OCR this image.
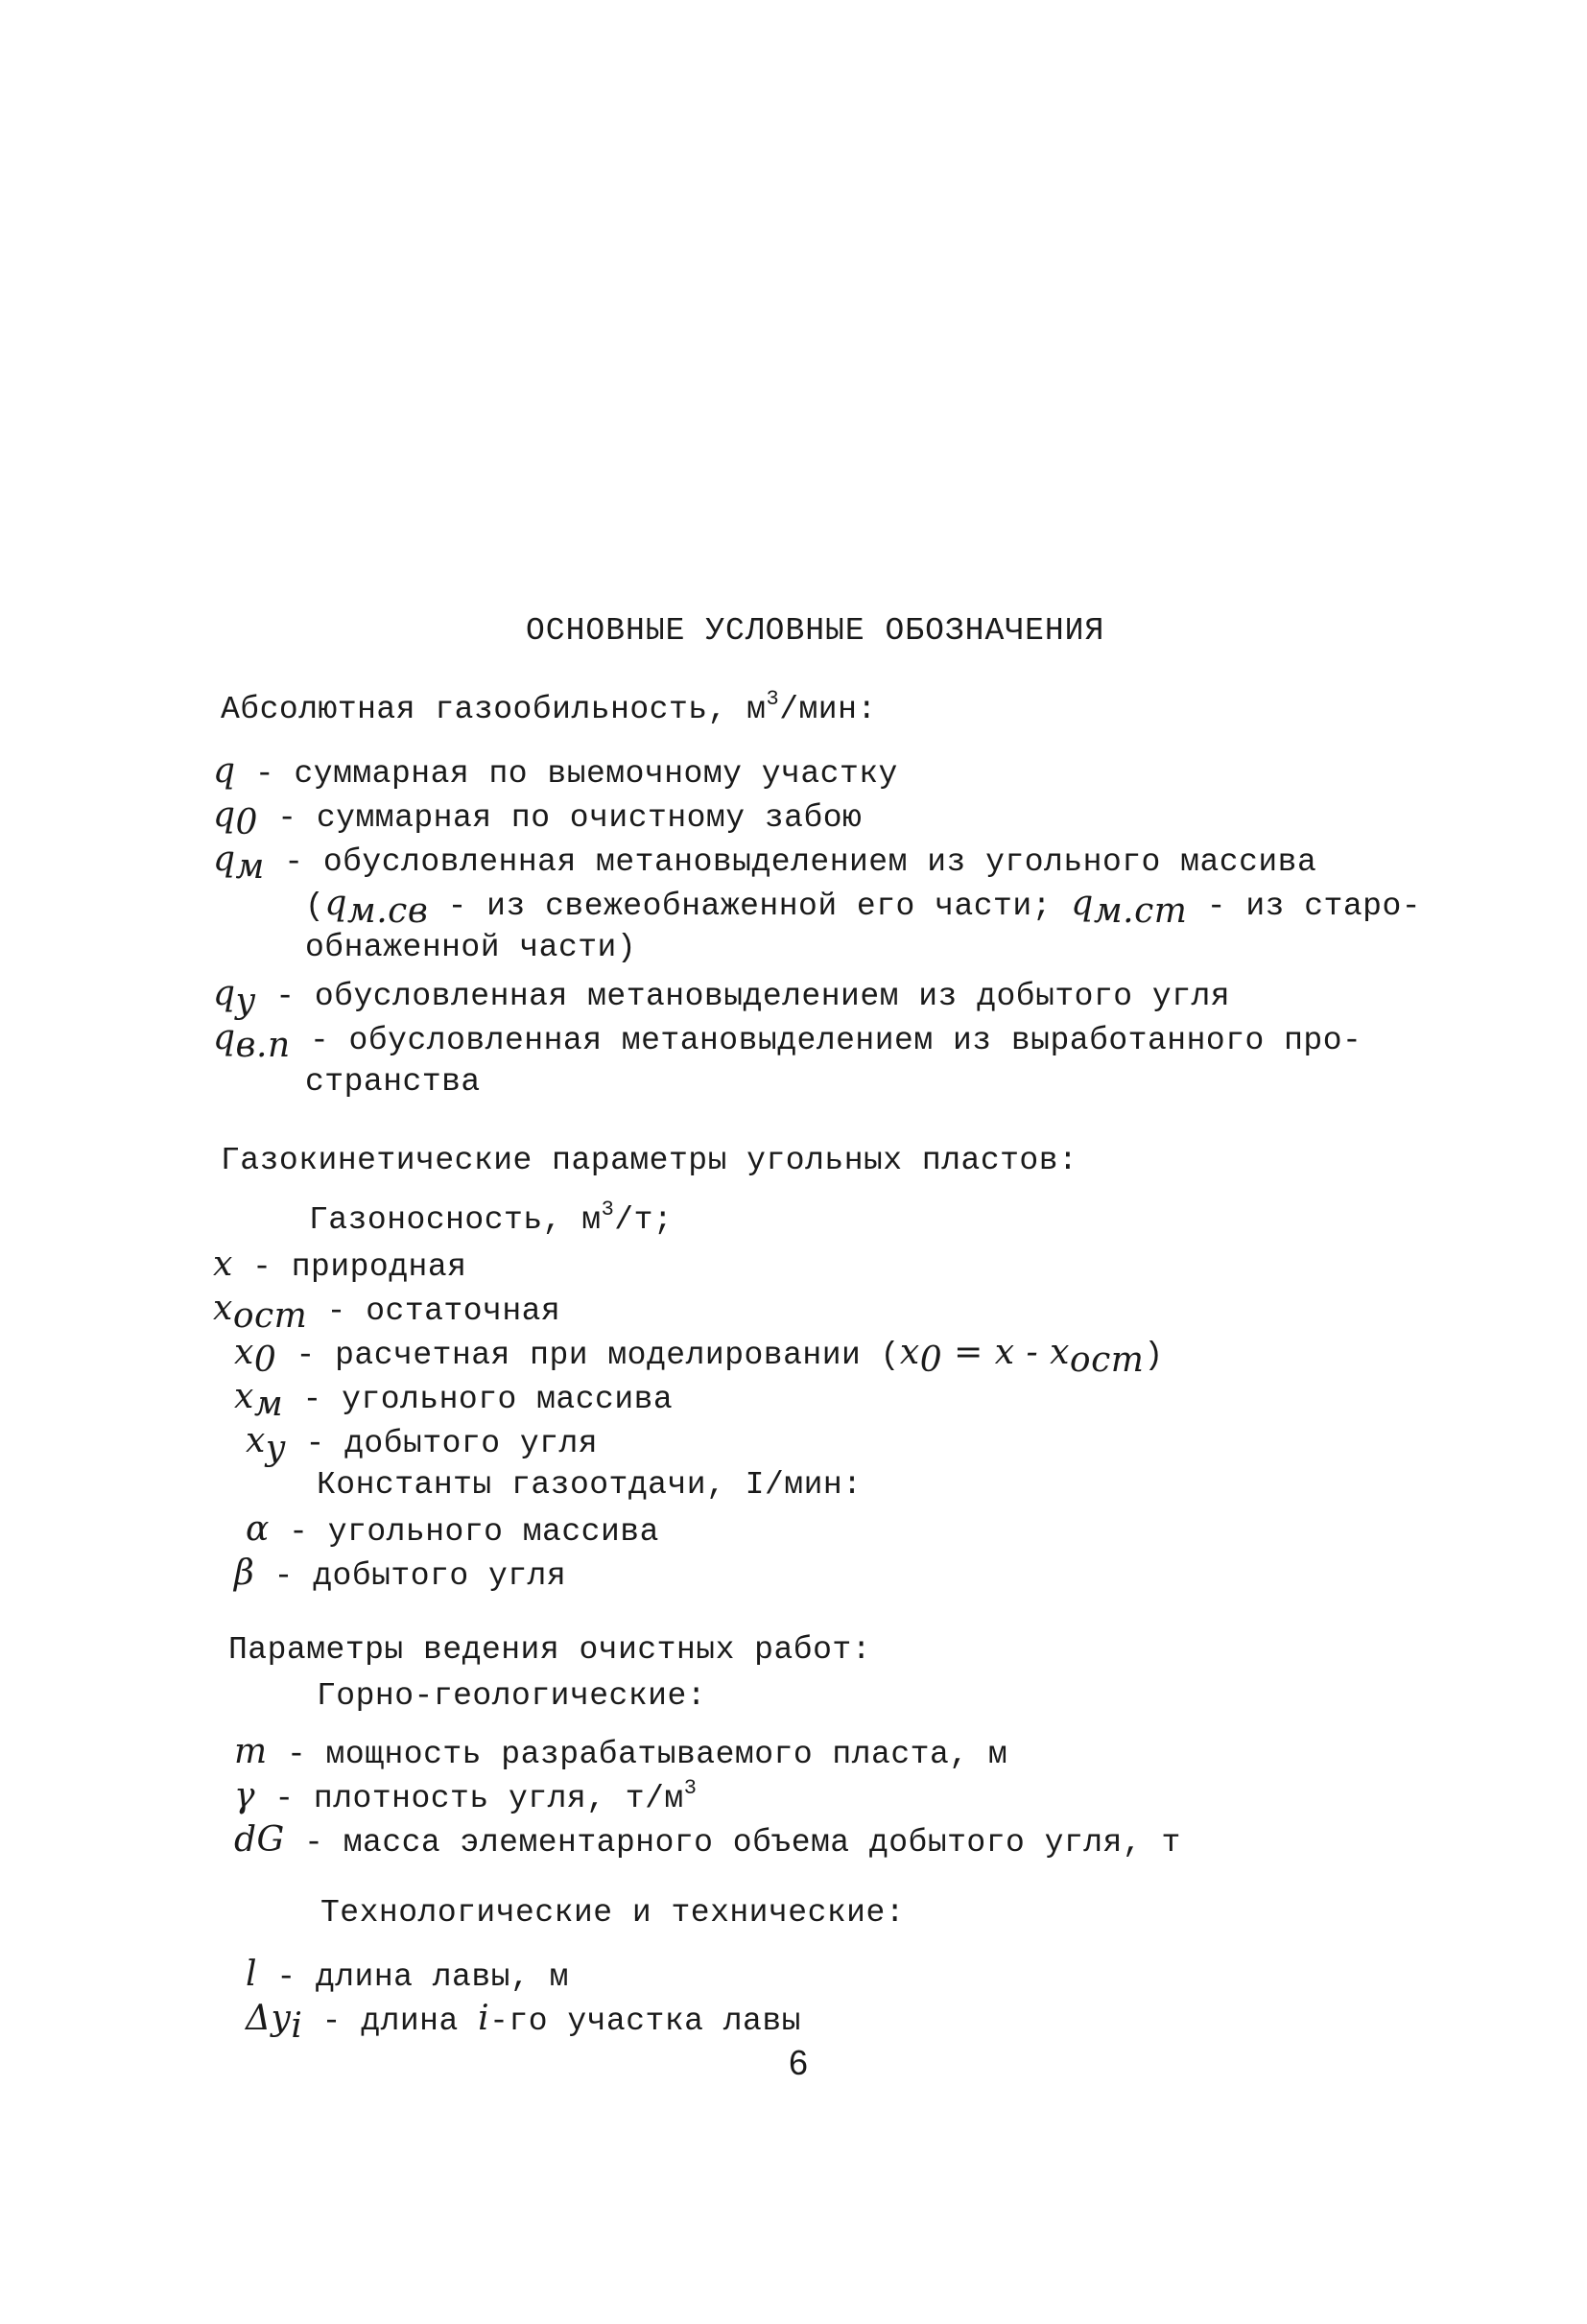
ОСНОВНЫЕ УСЛОВНЫЕ ОБОЗНАЧЕНИЯ
Абсолютная газообильность, $м^3$/мин:
q - суммарная по выемочному участку
$q_0$ - суммарная по очистному забою
$q_м$ - обусловленная метановыделением из угольного массива
($q_{м.св}$ - из свежеобнаженной его части; $q_{м.ст}$ - из старо-
обнаженной части)
$q_у$ - обусловленная метановыделением из добытого угля
$q_{в.п}$ - обусловленная метановыделением из выработанного про-
странства
Газокинетические параметры угольных пластов:
Газоносность, $м^3/т$;
x - природная
$x_{ост}$ - остаточная
$x_0$ - расчетная при моделировании $(x_0 = x - x_{ост})$
$x_м$ - угольного массива
$x_у$ - добытого угля
Константы газоотдачи, I/мин:
α - угольного массива
β - добытого угля
Параметры ведения очистных работ:
Горно-геологические:
m - мощность разрабатываемого пласта, м
γ - плотность угля, $т/м^3$
dG - масса элементарного объема добытого угля, т
Технологические и технические:
l - длина лавы, м
$\Delta y_i$ - длина i-го участка лавы
6
